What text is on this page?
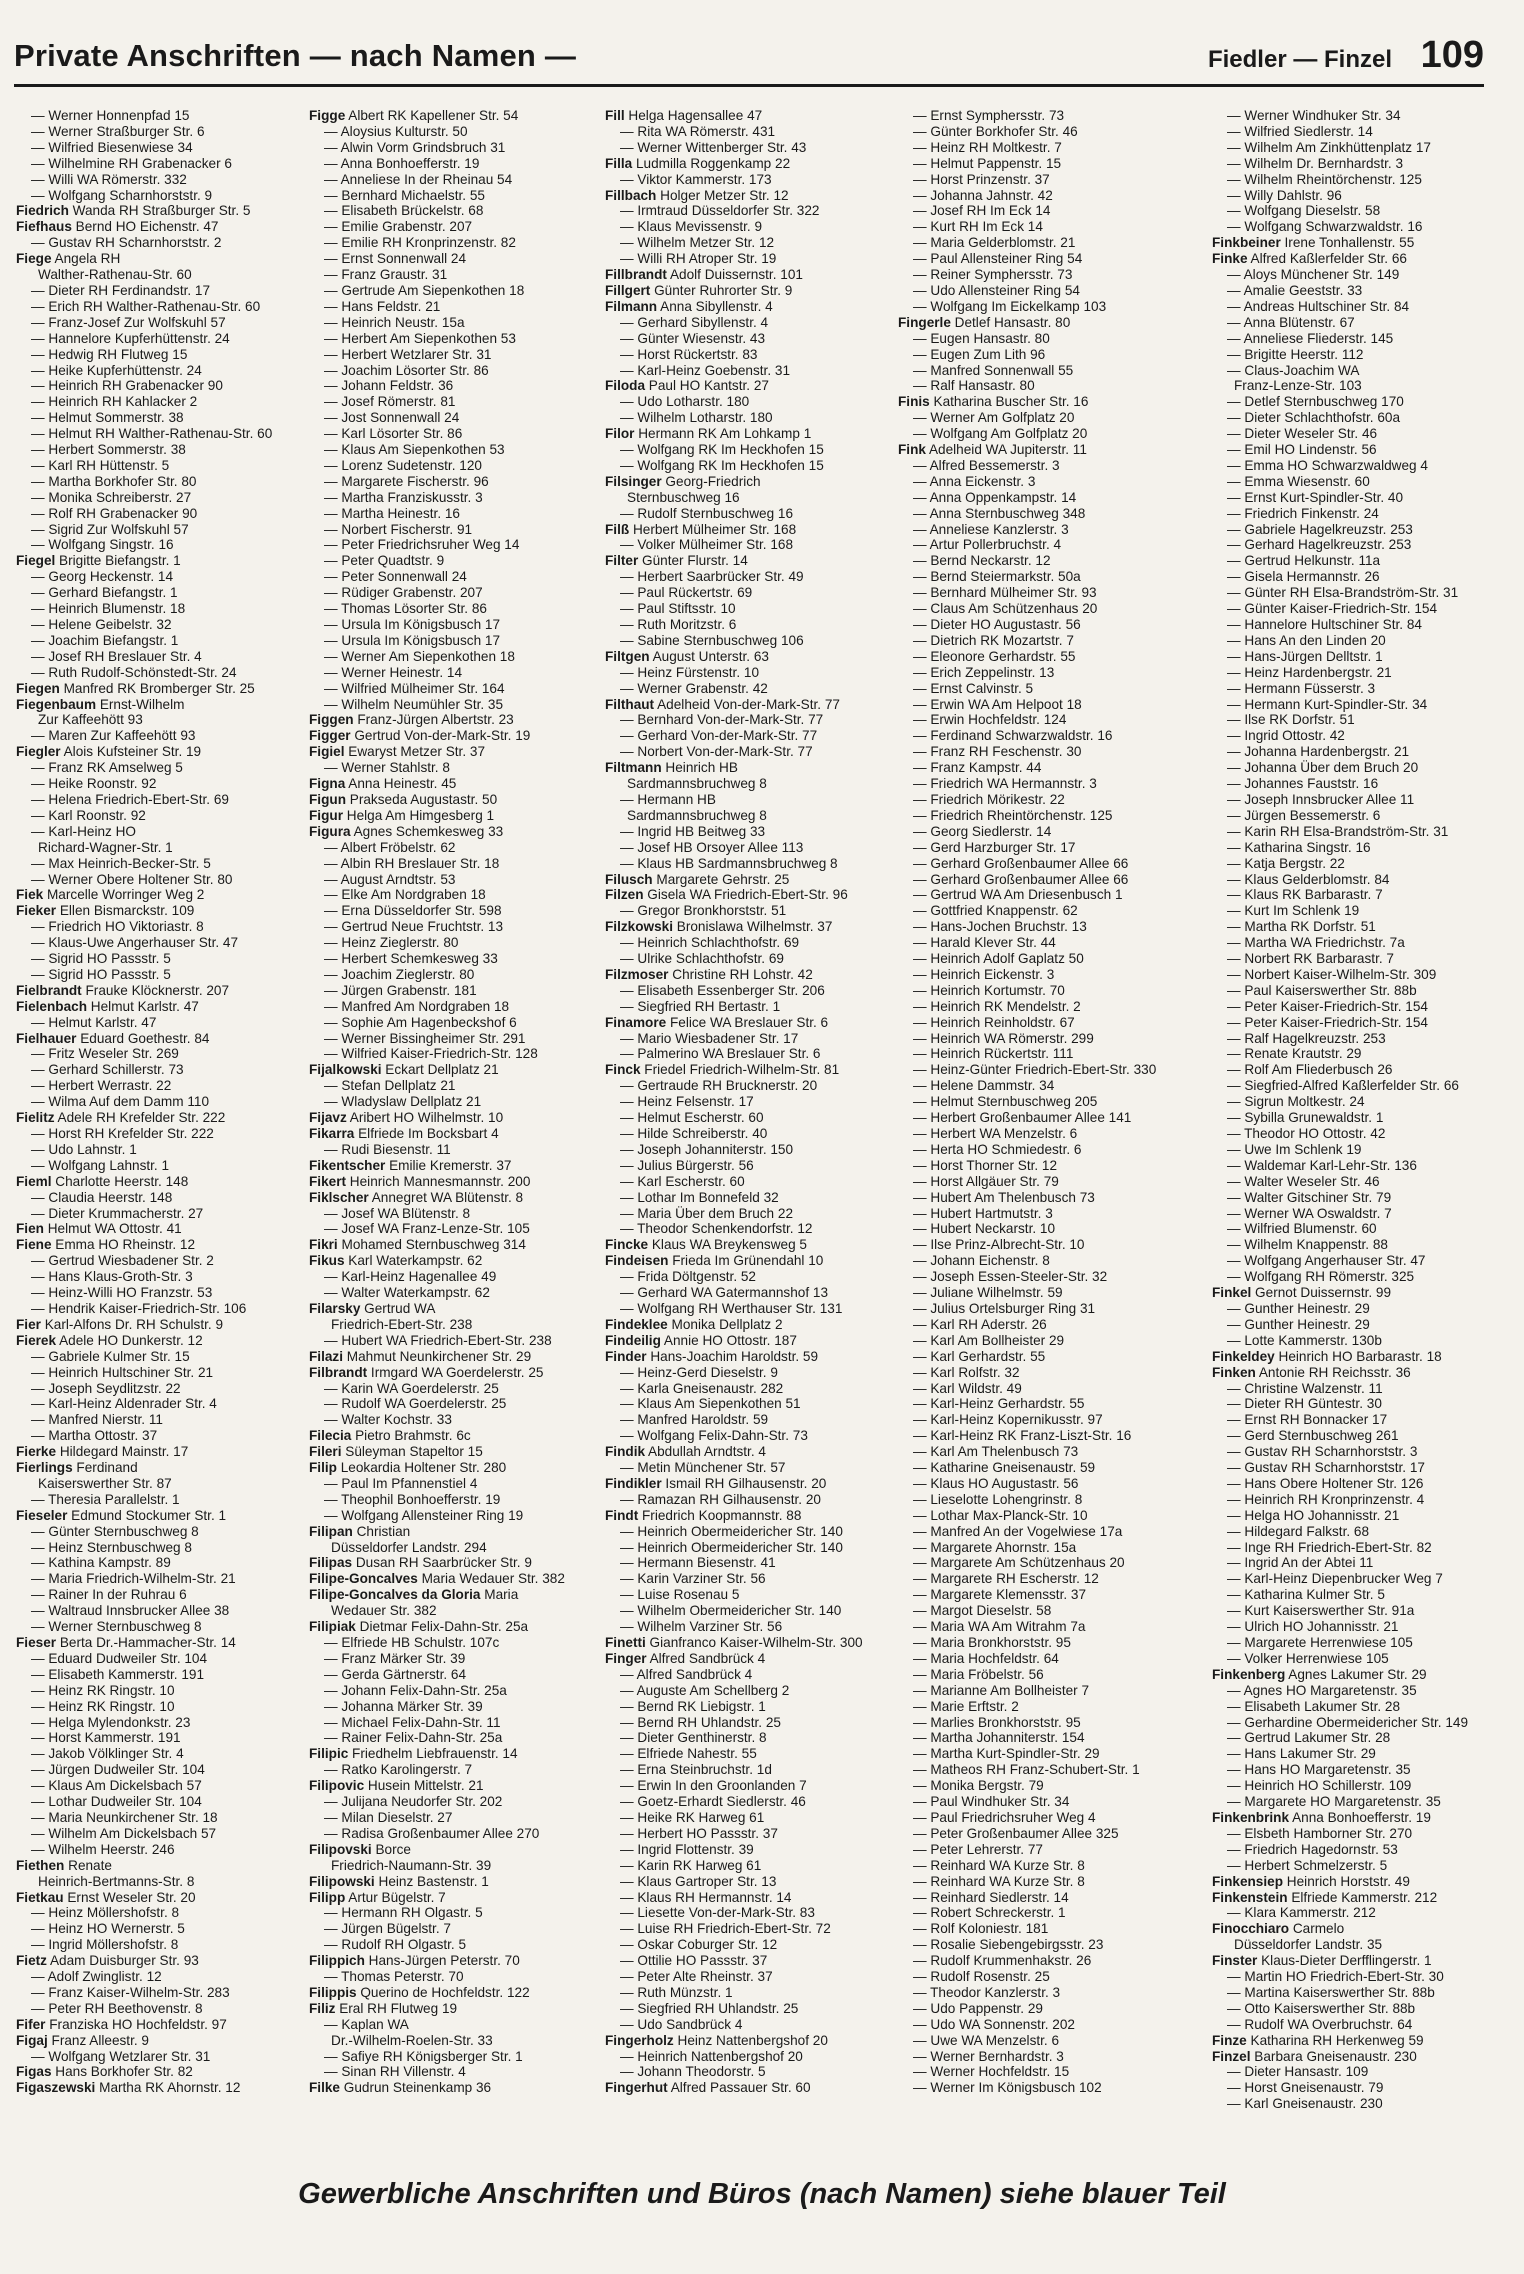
Private Anschriften — nach Namen —	Fiedler — Finzel 109
— Werner Honnenpfad 15
— Werner Straßburger Str. 6
— Wilfried Biesenwiese 34
— Wilhelmine RH Grabenacker 6
— Willi WA Römerstr. 332
— Wolfgang Scharnhorststr. 9
Fiedrich Wanda RH Straßburger Str. 5
Fiefhaus Bernd HO Eichenstr. 47
— Gustav RH Scharnhorststr. 2
Fiege Angela RH
Walther-Rathenau-Str. 60
— Dieter RH Ferdinandstr. 17
— Erich RH Walther-Rathenau-Str. 60
— Franz-Josef Zur Wolfskuhl 57
— Hannelore Kupferhüttenstr. 24
— Hedwig RH Flutweg 15
— Heike Kupferhüttenstr. 24
— Heinrich RH Grabenacker 90
— Heinrich RH Kahlacker 2
— Helmut Sommerstr. 38
— Helmut RH Walther-Rathenau-Str. 60
— Herbert Sommerstr. 38
— Karl RH Hüttenstr. 5
— Martha Borkhofer Str. 80
— Monika Schreiberstr. 27
— Rolf RH Grabenacker 90
— Sigrid Zur Wolfskuhl 57
— Wolfgang Singstr. 16
Fiegel Brigitte Biefangstr. 1
— Georg Heckenstr. 14
— Gerhard Biefangstr. 1
— Heinrich Blumenstr. 18
— Helene Geibelstr. 32
— Joachim Biefangstr. 1
— Josef RH Breslauer Str. 4
— Ruth Rudolf-Schönstedt-Str. 24
Fiegen Manfred RK Bromberger Str. 25
Fiegenbaum Ernst-Wilhelm
Zur Kaffeehött 93
— Maren Zur Kaffeehött 93
Fiegler Alois Kufsteiner Str. 19
— Franz RK Amselweg 5
— Heike Roonstr. 92
— Helena Friedrich-Ebert-Str. 69
— Karl Roonstr. 92
— Karl-Heinz HO
Richard-Wagner-Str. 1
— Max Heinrich-Becker-Str. 5
— Werner Obere Holtener Str. 80
Fiek Marcelle Worringer Weg 2
Fieker Ellen Bismarckstr. 109
— Friedrich HO Viktoriastr. 8
— Klaus-Uwe Angerhauser Str. 47
— Sigrid HO Passstr. 5
— Sigrid HO Passstr. 5
Fielbrandt Frauke Klöcknerstr. 207
Fielenbach Helmut Karlstr. 47
— Helmut Karlstr. 47
Fielhauer Eduard Goethestr. 84
— Fritz Weseler Str. 269
— Gerhard Schillerstr. 73
— Herbert Werrastr. 22
— Wilma Auf dem Damm 110
Fielitz Adele RH Krefelder Str. 222
— Horst RH Krefelder Str. 222
— Udo Lahnstr. 1
— Wolfgang Lahnstr. 1
Fieml Charlotte Heerstr. 148
— Claudia Heerstr. 148
— Dieter Krummacherstr. 27
Fien Helmut WA Ottostr. 41
Fiene Emma HO Rheinstr. 12
— Gertrud Wiesbadener Str. 2
— Hans Klaus-Groth-Str. 3
— Heinz-Willi HO Franzstr. 53
— Hendrik Kaiser-Friedrich-Str. 106
Fier Karl-Alfons Dr. RH Schulstr. 9
Fierek Adele HO Dunkerstr. 12
— Gabriele Kulmer Str. 15
— Heinrich Hultschiner Str. 21
— Joseph Seydlitzstr. 22
— Karl-Heinz Aldenrader Str. 4
— Manfred Nierstr. 11
— Martha Ottostr. 37
Fierke Hildegard Mainstr. 17
Fierlings Ferdinand
Kaiserswerther Str. 87
— Theresia Parallelstr. 1
Fieseler Edmund Stockumer Str. 1
— Günter Sternbuschweg 8
— Heinz Sternbuschweg 8
— Kathina Kampstr. 89
— Maria Friedrich-Wilhelm-Str. 21
— Rainer In der Ruhrau 6
— Waltraud Innsbrucker Allee 38
— Werner Sternbuschweg 8
Fieser Berta Dr.-Hammacher-Str. 14
— Eduard Dudweiler Str. 104
— Elisabeth Kammerstr. 191
— Heinz RK Ringstr. 10
— Heinz RK Ringstr. 10
— Helga Mylendonkstr. 23
— Horst Kammerstr. 191
— Jakob Völklinger Str. 4
— Jürgen Dudweiler Str. 104
— Klaus Am Dickelsbach 57
— Lothar Dudweiler Str. 104
— Maria Neunkirchener Str. 18
— Wilhelm Am Dickelsbach 57
— Wilhelm Heerstr. 246
Fiethen Renate
Heinrich-Bertmanns-Str. 8
Fietkau Ernst Weseler Str. 20
— Heinz Möllershofstr. 8
— Heinz HO Wernerstr. 5
— Ingrid Möllershofstr. 8
Fietz Adam Duisburger Str. 93
— Adolf Zwinglistr. 12
— Franz Kaiser-Wilhelm-Str. 283
— Peter RH Beethovenstr. 8
Fifer Franziska HO Hochfeldstr. 97
Figaj Franz Alleestr. 9
— Wolfgang Wetzlarer Str. 31
Figas Hans Borkhofer Str. 82
Figaszewski Martha RK Ahornstr. 12
Figge Albert RK Kapellener Str. 54
— Aloysius Kulturstr. 50
— Alwin Vorm Grindsbruch 31
— Anna Bonhoefferstr. 19
— Anneliese In der Rheinau 54
— Bernhard Michaelstr. 55
— Elisabeth Brückelstr. 68
— Emilie Grabenstr. 207
— Emilie RH Kronprinzenstr. 82
— Ernst Sonnenwall 24
— Franz Graustr. 31
— Gertrude Am Siepenkothen 18
— Hans Feldstr. 21
— Heinrich Neustr. 15a
— Herbert Am Siepenkothen 53
— Herbert Wetzlarer Str. 31
— Joachim Lösorter Str. 86
— Johann Feldstr. 36
— Josef Römerstr. 81
— Jost Sonnenwall 24
— Karl Lösorter Str. 86
— Klaus Am Siepenkothen 53
— Lorenz Sudetenstr. 120
— Margarete Fischerstr. 96
— Martha Franziskusstr. 3
— Martha Heinestr. 16
— Norbert Fischerstr. 91
— Peter Friedrichsruher Weg 14
— Peter Quadtstr. 9
— Peter Sonnenwall 24
— Rüdiger Grabenstr. 207
— Thomas Lösorter Str. 86
— Ursula Im Königsbusch 17
— Ursula Im Königsbusch 17
— Werner Am Siepenkothen 18
— Werner Heinestr. 14
— Wilfried Mülheimer Str. 164
— Wilhelm Neumühler Str. 35
Figgen Franz-Jürgen Albertstr. 23
Figger Gertrud Von-der-Mark-Str. 19
Figiel Ewaryst Metzer Str. 37
— Werner Stahlstr. 8
Figna Anna Heinestr. 45
Figun Prakseda Augustastr. 50
Figur Helga Am Himgesberg 1
Figura Agnes Schemkesweg 33
— Albert Fröbelstr. 62
— Albin RH Breslauer Str. 18
— August Arndtstr. 53
— Elke Am Nordgraben 18
— Erna Düsseldorfer Str. 598
— Gertrud Neue Fruchtstr. 13
— Heinz Zieglerstr. 80
— Herbert Schemkesweg 33
— Joachim Zieglerstr. 80
— Jürgen Grabenstr. 181
— Manfred Am Nordgraben 18
— Sophie Am Hagenbeckshof 6
— Werner Bissingheimer Str. 291
— Wilfried Kaiser-Friedrich-Str. 128
Fijalkowski Eckart Dellplatz 21
— Stefan Dellplatz 21
— Wladyslaw Dellplatz 21
Fijavz Aribert HO Wilhelmstr. 10
Fikarra Elfriede Im Bocksbart 4
— Rudi Biesenstr. 11
Fikentscher Emilie Kremerstr. 37
Fikert Heinrich Mannesmannstr. 200
Fiklscher Annegret WA Blütenstr. 8
— Josef WA Blütenstr. 8
— Josef WA Franz-Lenze-Str. 105
Fikri Mohamed Sternbuschweg 314
Fikus Karl Waterkampstr. 62
— Karl-Heinz Hagenallee 49
— Walter Waterkampstr. 62
Filarsky Gertrud WA
Friedrich-Ebert-Str. 238
— Hubert WA Friedrich-Ebert-Str. 238
Filazi Mahmut Neunkirchener Str. 29
Filbrandt Irmgard WA Goerdelerstr. 25
— Karin WA Goerdelerstr. 25
— Rudolf WA Goerdelerstr. 25
— Walter Kochstr. 33
Filecia Pietro Brahmstr. 6c
Fileri Süleyman Stapeltor 15
Filip Leokardia Holtener Str. 280
— Paul Im Pfannenstiel 4
— Theophil Bonhoefferstr. 19
— Wolfgang Allensteiner Ring 19
Filipan Christian
Düsseldorfer Landstr. 294
Filipas Dusan RH Saarbrücker Str. 9
Filipe-Goncalves Maria Wedauer Str. 382
Filipe-Goncalves da Gloria Maria
Wedauer Str. 382
Filipiak Dietmar Felix-Dahn-Str. 25a
— Elfriede HB Schulstr. 107c
— Franz Märker Str. 39
— Gerda Gärtnerstr. 64
— Johann Felix-Dahn-Str. 25a
— Johanna Märker Str. 39
— Michael Felix-Dahn-Str. 11
— Rainer Felix-Dahn-Str. 25a
Filipic Friedhelm Liebfrauenstr. 14
— Ratko Karolingerstr. 7
Filipovic Husein Mittelstr. 21
— Julijana Neudorfer Str. 202
— Milan Dieselstr. 27
— Radisa Großenbaumer Allee 270
Filipovski Borce
Friedrich-Naumann-Str. 39
Filipowski Heinz Bastenstr. 1
Filipp Artur Bügelstr. 7
— Hermann RH Olgastr. 5
— Jürgen Bügelstr. 7
— Rudolf RH Olgastr. 5
Filippich Hans-Jürgen Peterstr. 70
— Thomas Peterstr. 70
Filippis Querino de Hochfeldstr. 122
Filiz Eral RH Flutweg 19
— Kaplan WA
Dr.-Wilhelm-Roelen-Str. 33
— Safiye RH Königsberger Str. 1
— Sinan RH Villenstr. 4
Filke Gudrun Steinenkamp 36
Fill Helga Hagensallee 47
— Rita WA Römerstr. 431
— Werner Wittenberger Str. 43
Filla Ludmilla Roggenkamp 22
— Viktor Kammerstr. 173
Fillbach Holger Metzer Str. 12
— Irmtraud Düsseldorfer Str. 322
— Klaus Mevissenstr. 9
— Wilhelm Metzer Str. 12
— Willi RH Atroper Str. 19
Fillbrandt Adolf Duissernstr. 101
Fillgert Günter Ruhrorter Str. 9
Filmann Anna Sibyllenstr. 4
— Gerhard Sibyllenstr. 4
— Günter Wiesenstr. 43
— Horst Rückertstr. 83
— Karl-Heinz Goebenstr. 31
Filoda Paul HO Kantstr. 27
— Udo Lotharstr. 180
— Wilhelm Lotharstr. 180
Filor Hermann RK Am Lohkamp 1
— Wolfgang RK Im Heckhofen 15
— Wolfgang RK Im Heckhofen 15
Filsinger Georg-Friedrich
Sternbuschweg 16
— Rudolf Sternbuschweg 16
Filß Herbert Mülheimer Str. 168
— Volker Mülheimer Str. 168
Filter Günter Flurstr. 14
— Herbert Saarbrücker Str. 49
— Paul Rückertstr. 69
— Paul Stiftsstr. 10
— Ruth Moritzstr. 6
— Sabine Sternbuschweg 106
Filtgen August Unterstr. 63
— Heinz Fürstenstr. 10
— Werner Grabenstr. 42
Filthaut Adelheid Von-der-Mark-Str. 77
— Bernhard Von-der-Mark-Str. 77
— Gerhard Von-der-Mark-Str. 77
— Norbert Von-der-Mark-Str. 77
Filtmann Heinrich HB
Sardmannsbruchweg 8
— Hermann HB
Sardmannsbruchweg 8
— Ingrid HB Beitweg 33
— Josef HB Orsoyer Allee 113
— Klaus HB Sardmannsbruchweg 8
Filusch Margarete Gehrstr. 25
Filzen Gisela WA Friedrich-Ebert-Str. 96
— Gregor Bronkhorststr. 51
Filzkowski Bronislawa Wilhelmstr. 37
— Heinrich Schlachthofstr. 69
— Ulrike Schlachthofstr. 69
Filzmoser Christine RH Lohstr. 42
— Elisabeth Essenberger Str. 206
— Siegfried RH Bertastr. 1
Finamore Felice WA Breslauer Str. 6
— Mario Wiesbadener Str. 17
— Palmerino WA Breslauer Str. 6
Finck Friedel Friedrich-Wilhelm-Str. 81
— Gertraude RH Brucknerstr. 20
— Heinz Felsenstr. 17
— Helmut Escherstr. 60
— Hilde Schreiberstr. 40
— Joseph Johanniterstr. 150
— Julius Bürgerstr. 56
— Karl Escherstr. 60
— Lothar Im Bonnefeld 32
— Maria Über dem Bruch 22
— Theodor Schenkendorfstr. 12
Fincke Klaus WA Breykensweg 5
Findeisen Frieda Im Grünendahl 10
— Frida Döltgenstr. 52
— Gerhard WA Gatermannshof 13
— Wolfgang RH Werthauser Str. 131
Findeklee Monika Dellplatz 2
Findeilig Annie HO Ottostr. 187
Finder Hans-Joachim Haroldstr. 59
— Heinz-Gerd Dieselstr. 9
— Karla Gneisenaustr. 282
— Klaus Am Siepenkothen 51
— Manfred Haroldstr. 59
— Wolfgang Felix-Dahn-Str. 73
Findik Abdullah Arndtstr. 4
— Metin Münchener Str. 57
Findikler Ismail RH Gilhausenstr. 20
— Ramazan RH Gilhausenstr. 20
Findt Friedrich Koopmannstr. 88
— Heinrich Obermeidericher Str. 140
— Heinrich Obermeidericher Str. 140
— Hermann Biesenstr. 41
— Karin Varziner Str. 56
— Luise Rosenau 5
— Wilhelm Obermeidericher Str. 140
— Wilhelm Varziner Str. 56
Finetti Gianfranco Kaiser-Wilhelm-Str. 300
Finger Alfred Sandbrück 4
— Alfred Sandbrück 4
— Auguste Am Schellberg 2
— Bernd RK Liebigstr. 1
— Bernd RH Uhlandstr. 25
— Dieter Genthinerstr. 8
— Elfriede Nahestr. 55
— Erna Steinbruchstr. 1d
— Erwin In den Groonlanden 7
— Goetz-Erhardt Siedlerstr. 46
— Heike RK Harweg 61
— Herbert HO Passstr. 37
— Ingrid Flottenstr. 39
— Karin RK Harweg 61
— Klaus Gartroper Str. 13
— Klaus RH Hermannstr. 14
— Liesette Von-der-Mark-Str. 83
— Luise RH Friedrich-Ebert-Str. 72
— Oskar Coburger Str. 12
— Ottilie HO Passstr. 37
— Peter Alte Rheinstr. 37
— Ruth Münzstr. 1
— Siegfried RH Uhlandstr. 25
— Udo Sandbrück 4
Fingerholz Heinz Nattenbergshof 20
— Heinrich Nattenbergshof 20
— Johann Theodorstr. 5
Fingerhut Alfred Passauer Str. 60
— Ernst Symphersstr. 73
— Günter Borkhofer Str. 46
— Heinz RH Moltkestr. 7
— Helmut Pappenstr. 15
— Horst Prinzenstr. 37
— Johanna Jahnstr. 42
— Josef RH Im Eck 14
— Kurt RH Im Eck 14
— Maria Gelderblomstr. 21
— Paul Allensteiner Ring 54
— Reiner Symphersstr. 73
— Udo Allensteiner Ring 54
— Wolfgang Im Eickelkamp 103
Fingerle Detlef Hansastr. 80
— Eugen Hansastr. 80
— Eugen Zum Lith 96
— Manfred Sonnenwall 55
— Ralf Hansastr. 80
Finis Katharina Buscher Str. 16
— Werner Am Golfplatz 20
— Wolfgang Am Golfplatz 20
Fink Adelheid WA Jupiterstr. 11
— Alfred Bessemerstr. 3
— Anna Eickenstr. 3
— Anna Oppenkampstr. 14
— Anna Sternbuschweg 348
— Anneliese Kanzlerstr. 3
— Artur Pollerbruchstr. 4
— Bernd Neckarstr. 12
— Bernd Steiermarkstr. 50a
— Bernhard Mülheimer Str. 93
— Claus Am Schützenhaus 20
— Dieter HO Augustastr. 56
— Dietrich RK Mozartstr. 7
— Eleonore Gerhardstr. 55
— Erich Zeppelinstr. 13
— Ernst Calvinstr. 5
— Erwin WA Am Helpoot 18
— Erwin Hochfeldstr. 124
— Ferdinand Schwarzwaldstr. 16
— Franz RH Feschenstr. 30
— Franz Kampstr. 44
— Friedrich WA Hermannstr. 3
— Friedrich Mörikestr. 22
— Friedrich Rheintörchenstr. 125
— Georg Siedlerstr. 14
— Gerd Harzburger Str. 17
— Gerhard Großenbaumer Allee 66
— Gerhard Großenbaumer Allee 66
— Gertrud WA Am Driesenbusch 1
— Gottfried Knappenstr. 62
— Hans-Jochen Bruchstr. 13
— Harald Klever Str. 44
— Heinrich Adolf Gaplatz 50
— Heinrich Eickenstr. 3
— Heinrich Kortumstr. 70
— Heinrich RK Mendelstr. 2
— Heinrich Reinholdstr. 67
— Heinrich WA Römerstr. 299
— Heinrich Rückertstr. 111
— Heinz-Günter Friedrich-Ebert-Str. 330
— Helene Dammstr. 34
— Helmut Sternbuschweg 205
— Herbert Großenbaumer Allee 141
— Herbert WA Menzelstr. 6
— Herta HO Schmiedestr. 6
— Horst Thorner Str. 12
— Horst Allgäuer Str. 79
— Hubert Am Thelenbusch 73
— Hubert Hartmutstr. 3
— Hubert Neckarstr. 10
— Ilse Prinz-Albrecht-Str. 10
— Johann Eichenstr. 8
— Joseph Essen-Steeler-Str. 32
— Juliane Wilhelmstr. 59
— Julius Ortelsburger Ring 31
— Karl RH Aderstr. 26
— Karl Am Bollheister 29
— Karl Gerhardstr. 55
— Karl Rolfstr. 32
— Karl Wildstr. 49
— Karl-Heinz Gerhardstr. 55
— Karl-Heinz Kopernikusstr. 97
— Karl-Heinz RK Franz-Liszt-Str. 16
— Karl Am Thelenbusch 73
— Katharine Gneisenaustr. 59
— Klaus HO Augustastr. 56
— Lieselotte Lohengrinstr. 8
— Lothar Max-Planck-Str. 10
— Manfred An der Vogelwiese 17a
— Margarete Ahornstr. 15a
— Margarete Am Schützenhaus 20
— Margarete RH Escherstr. 12
— Margarete Klemensstr. 37
— Margot Dieselstr. 58
— Maria WA Am Witrahm 7a
— Maria Bronkhorststr. 95
— Maria Hochfeldstr. 64
— Maria Fröbelstr. 56
— Marianne Am Bollheister 7
— Marie Erftstr. 2
— Marlies Bronkhorststr. 95
— Martha Johanniterstr. 154
— Martha Kurt-Spindler-Str. 29
— Matheos RH Franz-Schubert-Str. 1
— Monika Bergstr. 79
— Paul Windhuker Str. 34
— Paul Friedrichsruher Weg 4
— Peter Großenbaumer Allee 325
— Peter Lehrerstr. 77
— Reinhard WA Kurze Str. 8
— Reinhard WA Kurze Str. 8
— Reinhard Siedlerstr. 14
— Robert Schreckerstr. 1
— Rolf Koloniestr. 181
— Rosalie Siebengebirgsstr. 23
— Rudolf Krummenhakstr. 26
— Rudolf Rosenstr. 25
— Theodor Kanzlerstr. 3
— Udo Pappenstr. 29
— Udo WA Sonnenstr. 202
— Uwe WA Menzelstr. 6
— Werner Bernhardstr. 3
— Werner Hochfeldstr. 15
— Werner Im Königsbusch 102
— Werner Windhuker Str. 34
— Wilfried Siedlerstr. 14
— Wilhelm Am Zinkhüttenplatz 17
— Wilhelm Dr. Bernhardstr. 3
— Wilhelm Rheintörchenstr. 125
— Willy Dahlstr. 96
— Wolfgang Dieselstr. 58
— Wolfgang Schwarzwaldstr. 16
Finkbeiner Irene Tonhallenstr. 55
Finke Alfred Kaßlerfelder Str. 66
— Aloys Münchener Str. 149
— Amalie Geeststr. 33
— Andreas Hultschiner Str. 84
— Anna Blütenstr. 67
— Anneliese Fliederstr. 145
— Brigitte Heerstr. 112
— Claus-Joachim WA
Franz-Lenze-Str. 103
— Detlef Sternbuschweg 170
— Dieter Schlachthofstr. 60a
— Dieter Weseler Str. 46
— Emil HO Lindenstr. 56
— Emma HO Schwarzwaldweg 4
— Emma Wiesenstr. 60
— Ernst Kurt-Spindler-Str. 40
— Friedrich Finkenstr. 24
— Gabriele Hagelkreuzstr. 253
— Gerhard Hagelkreuzstr. 253
— Gertrud Helkunstr. 11a
— Gisela Hermannstr. 26
— Günter RH Elsa-Brandström-Str. 31
— Günter Kaiser-Friedrich-Str. 154
— Hannelore Hultschiner Str. 84
— Hans An den Linden 20
— Hans-Jürgen Delltstr. 1
— Heinz Hardenbergstr. 21
— Hermann Füsserstr. 3
— Hermann Kurt-Spindler-Str. 34
— Ilse RK Dorfstr. 51
— Ingrid Ottostr. 42
— Johanna Hardenbergstr. 21
— Johanna Über dem Bruch 20
— Johannes Fauststr. 16
— Joseph Innsbrucker Allee 11
— Jürgen Bessemerstr. 6
— Karin RH Elsa-Brandström-Str. 31
— Katharina Singstr. 16
— Katja Bergstr. 22
— Klaus Gelderblomstr. 84
— Klaus RK Barbarastr. 7
— Kurt Im Schlenk 19
— Martha RK Dorfstr. 51
— Martha WA Friedrichstr. 7a
— Norbert RK Barbarastr. 7
— Norbert Kaiser-Wilhelm-Str. 309
— Paul Kaiserswerther Str. 88b
— Peter Kaiser-Friedrich-Str. 154
— Peter Kaiser-Friedrich-Str. 154
— Ralf Hagelkreuzstr. 253
— Renate Krautstr. 29
— Rolf Am Fliederbusch 26
— Siegfried-Alfred Kaßlerfelder Str. 66
— Sigrun Moltkestr. 24
— Sybilla Grunewaldstr. 1
— Theodor HO Ottostr. 42
— Uwe Im Schlenk 19
— Waldemar Karl-Lehr-Str. 136
— Walter Weseler Str. 46
— Walter Gitschiner Str. 79
— Werner WA Oswaldstr. 7
— Wilfried Blumenstr. 60
— Wilhelm Knappenstr. 88
— Wolfgang Angerhauser Str. 47
— Wolfgang RH Römerstr. 325
Finkel Gernot Duissernstr. 99
— Gunther Heinestr. 29
— Gunther Heinestr. 29
— Lotte Kammerstr. 130b
Finkeldey Heinrich HO Barbarastr. 18
Finken Antonie RH Reichsstr. 36
— Christine Walzenstr. 11
— Dieter RH Güntestr. 30
— Ernst RH Bonnacker 17
— Gerd Sternbuschweg 261
— Gustav RH Scharnhorststr. 3
— Gustav RH Scharnhorststr. 17
— Hans Obere Holtener Str. 126
— Heinrich RH Kronprinzenstr. 4
— Helga HO Johannisstr. 21
— Hildegard Falkstr. 68
— Inge RH Friedrich-Ebert-Str. 82
— Ingrid An der Abtei 11
— Karl-Heinz Diepenbrucker Weg 7
— Katharina Kulmer Str. 5
— Kurt Kaiserswerther Str. 91a
— Ulrich HO Johannisstr. 21
— Margarete Herrenwiese 105
— Volker Herrenwiese 105
Finkenberg Agnes Lakumer Str. 29
— Agnes HO Margaretenstr. 35
— Elisabeth Lakumer Str. 28
— Gerhardine Obermeidericher Str. 149
— Gertrud Lakumer Str. 28
— Hans Lakumer Str. 29
— Hans HO Margaretenstr. 35
— Heinrich HO Schillerstr. 109
— Margarete HO Margaretenstr. 35
Finkenbrink Anna Bonhoefferstr. 19
— Elsbeth Hamborner Str. 270
— Friedrich Hagedornstr. 53
— Herbert Schmelzerstr. 5
Finkensiep Heinrich Horststr. 49
Finkenstein Elfriede Kammerstr. 212
— Klara Kammerstr. 212
Finocchiaro Carmelo
Düsseldorfer Landstr. 35
Finster Klaus-Dieter Derfflingerstr. 1
— Martin HO Friedrich-Ebert-Str. 30
— Martina Kaiserswerther Str. 88b
— Otto Kaiserswerther Str. 88b
— Rudolf WA Overbruchstr. 64
Finze Katharina RH Herkenweg 59
Finzel Barbara Gneisenaustr. 230
— Dieter Hansastr. 109
— Horst Gneisenaustr. 79
— Karl Gneisenaustr. 230
Gewerbliche Anschriften und Büros (nach Namen) siehe blauer Teil
